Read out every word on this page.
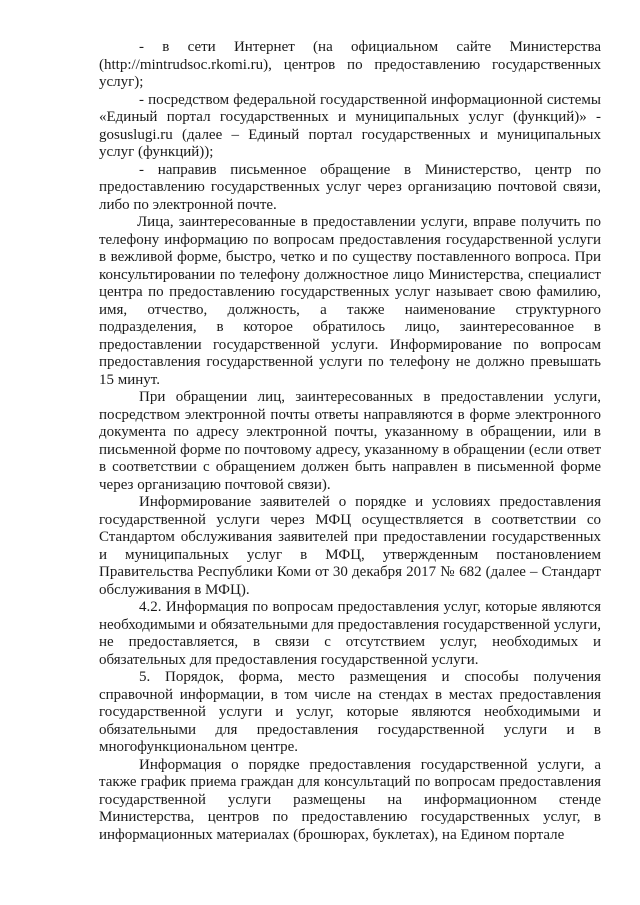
- в сети Интернет (на официальном сайте Министерства (http://mintrudsoc.rkomi.ru), центров по предоставлению государственных услуг);

- посредством федеральной государственной информационной системы «Единый портал государственных и муниципальных услуг (функций)» - gosuslugi.ru (далее – Единый портал государственных и муниципальных услуг (функций));

- направив письменное обращение в Министерство, центр по предоставлению государственных услуг через организацию почтовой связи, либо по электронной почте.

Лица, заинтересованные в предоставлении услуги, вправе получить по телефону информацию по вопросам предоставления государственной услуги в вежливой форме, быстро, четко и по существу поставленного вопроса. При консультировании по телефону должностное лицо Министерства, специалист центра по предоставлению государственных услуг называет свою фамилию, имя, отчество, должность, а также наименование структурного подразделения, в которое обратилось лицо, заинтересованное в предоставлении государственной услуги. Информирование по вопросам предоставления государственной услуги по телефону не должно превышать 15 минут.

При обращении лиц, заинтересованных в предоставлении услуги, посредством электронной почты ответы направляются в форме электронного документа по адресу электронной почты, указанному в обращении, или в письменной форме по почтовому адресу, указанному в обращении (если ответ в соответствии с обращением должен быть направлен в письменной форме через организацию почтовой связи).

Информирование заявителей о порядке и условиях предоставления государственной услуги через МФЦ осуществляется в соответствии со Стандартом обслуживания заявителей при предоставлении государственных и муниципальных услуг в МФЦ, утвержденным постановлением Правительства Республики Коми от 30 декабря 2017 № 682 (далее – Стандарт обслуживания в МФЦ).

4.2. Информация по вопросам предоставления услуг, которые являются необходимыми и обязательными для предоставления государственной услуги, не предоставляется, в связи с отсутствием услуг, необходимых и обязательных для предоставления государственной услуги.

5. Порядок, форма, место размещения и способы получения справочной информации, в том числе на стендах в местах предоставления государственной услуги и услуг, которые являются необходимыми и обязательными для предоставления государственной услуги и в многофункциональном центре.

Информация о порядке предоставления государственной услуги, а также график приема граждан для консультаций по вопросам предоставления государственной услуги размещены на информационном стенде Министерства, центров по предоставлению государственных услуг, в информационных материалах (брошюрах, буклетах), на Едином портале
